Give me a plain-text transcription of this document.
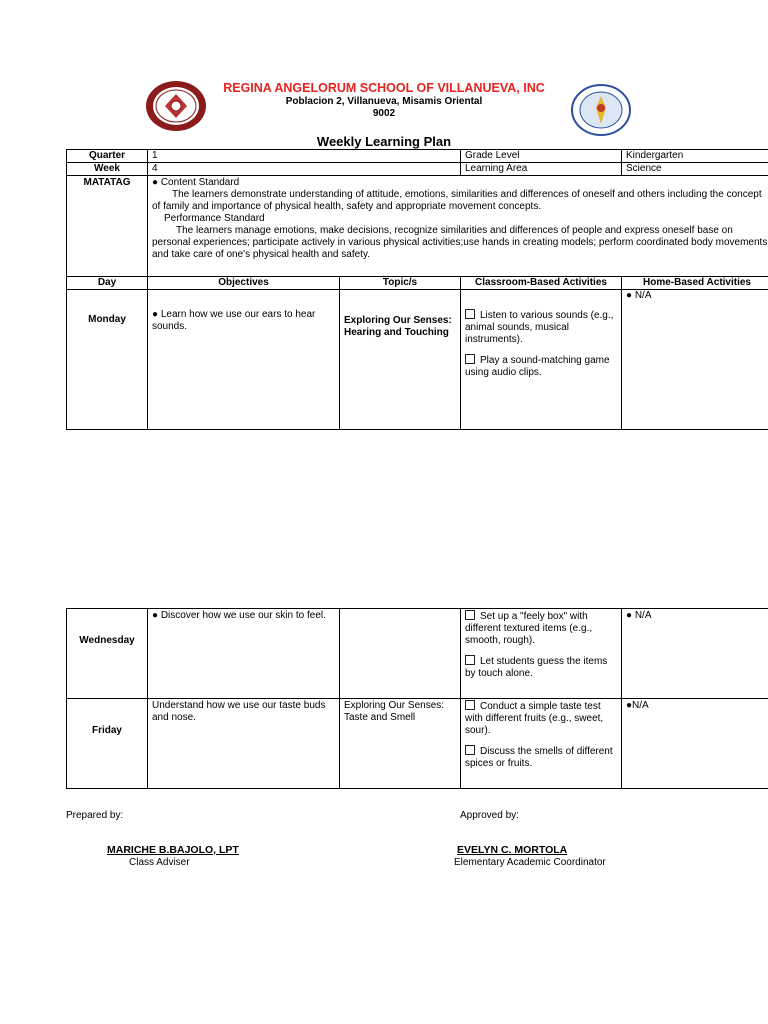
REGINA ANGELORUM SCHOOL OF VILLANUEVA, INC
Poblacion 2, Villanueva, Misamis Oriental
9002
Weekly Learning Plan
Quarter	1		Grade Level	Kindergarten
Week	4		Learning Area	Science
MATATAG	● Content Standard

The learners demonstrate understanding of attitude, emotions, similarities and differences of oneself and others including the concept of family and importance of physical health, safety and appropriate movement concepts.

Performance Standard

The learners manage emotions, make decisions, recognize similarities and differences of people and express oneself base on personal experiences; participate actively in various physical activities;use hands in creating models; perform coordinated body movements and take care of one's physical health and safety.			

Day	Objectives	Topic/s	Classroom-Based Activities	Home-Based Activities
Monday	● Learn how we use our ears to hear sounds.	Exploring Our Senses: Hearing and Touching	Listen to various sounds (e.g., animal sounds, musical instruments).

Play a sound-matching game using audio clips.	● N/A
Wednesday	● Discover how we use our skin to feel.		Set up a "feely box" with different textured items (e.g., smooth, rough).

Let students guess the items by touch alone.	● N/A
Friday	Understand how we use our taste buds and nose.	Exploring Our Senses: Taste and Smell	Conduct a simple taste test with different fruits (e.g., sweet, sour).

Discuss the smells of different spices or fruits.	●N/A
Prepared by:
MARICHE B.BAJOLO, LPT
Class Adviser
Approved by:
EVELYN C. MORTOLA
Elementary Academic Coordinator
